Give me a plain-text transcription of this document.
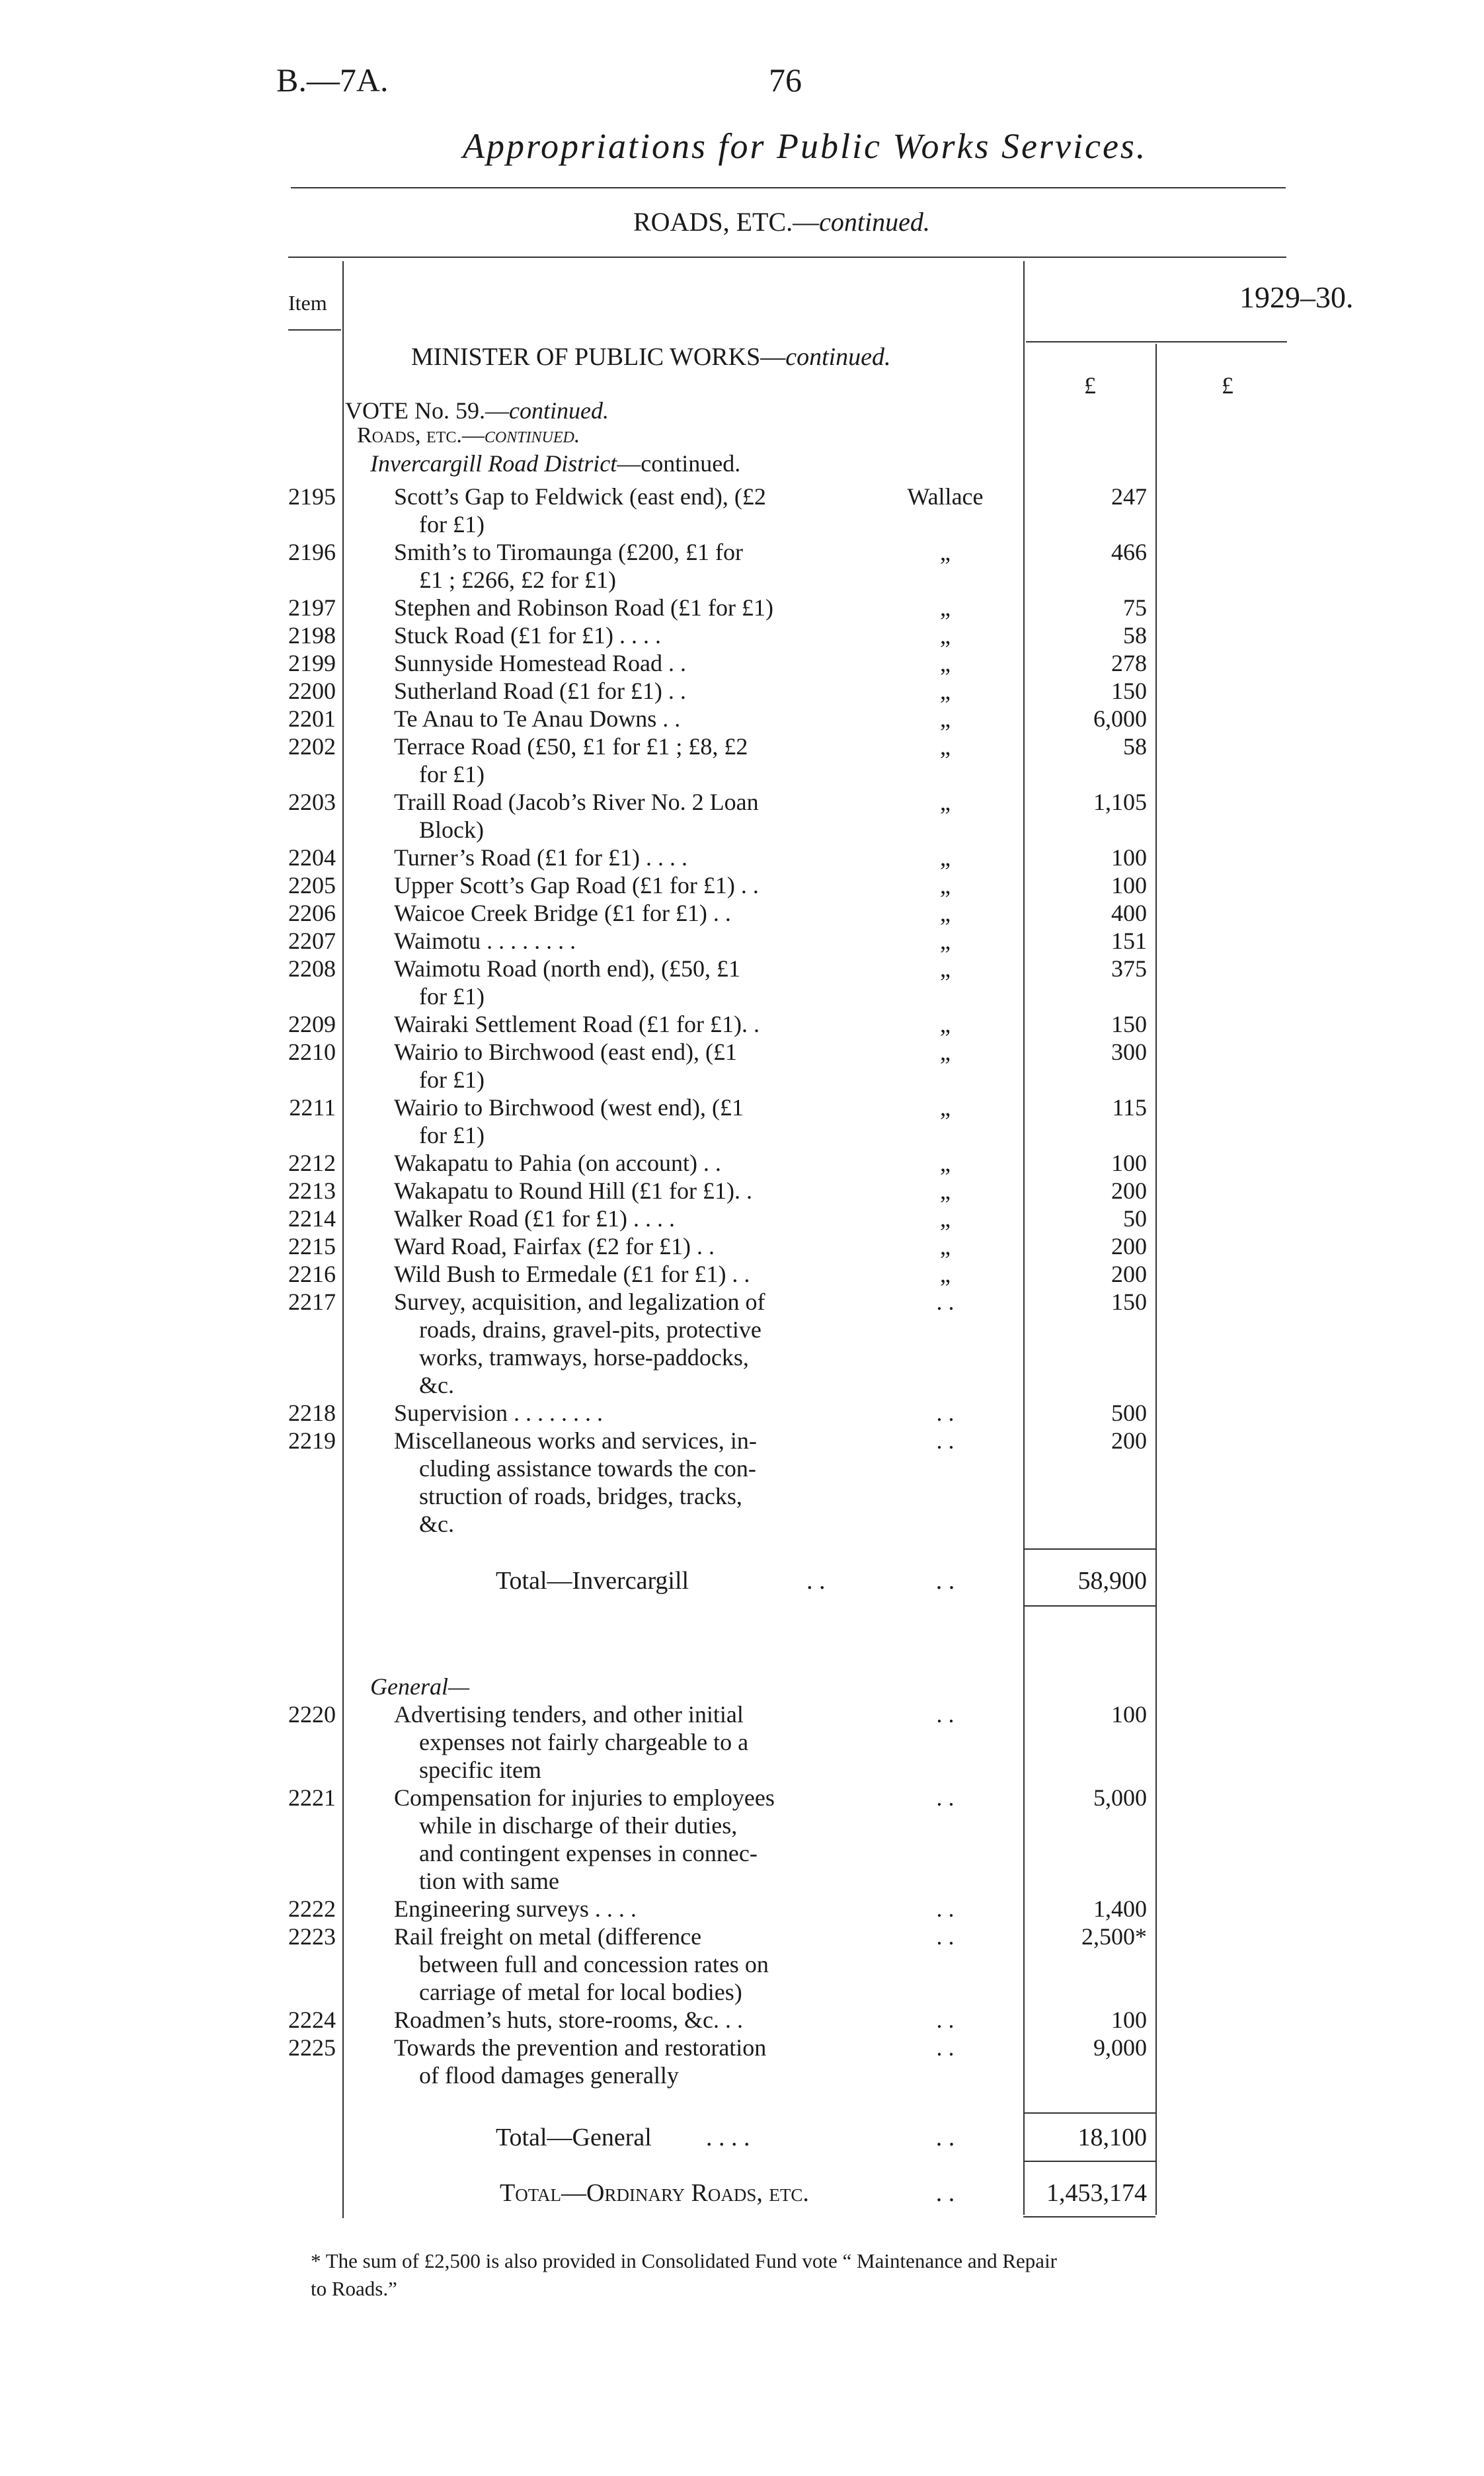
B.—7A.	76
Appropriations for Public Works Services.
ROADS, ETC.—continued.
Item	1929–30.
£	£
MINISTER OF PUBLIC WORKS—continued.
VOTE No. 59.—continued.
Roads, etc.—continued.
Invercargill Road District—continued.
2195 Scott’s Gap to Feldwick (east end), (£2
for £1)
Wallace	247
2196 Smith’s to Tiromaunga (£200, £1 for
£1 ; £266, £2 for £1)
„	466
2197 Stephen and Robinson Road (£1 for £1)	„	75
2198 Stuck Road (£1 for £1) . . . .	„	58
2199 Sunnyside Homestead Road . .	„	278
2200 Sutherland Road (£1 for £1) . .	„	150
2201 Te Anau to Te Anau Downs . .	„	6,000
2202 Terrace Road (£50, £1 for £1 ; £8, £2
for £1)
„	58
2203 Traill Road (Jacob’s River No. 2 Loan
Block)
„	1,105
2204 Turner’s Road (£1 for £1) . . . .	„	100
2205 Upper Scott’s Gap Road (£1 for £1) . .	„	100
2206 Waicoe Creek Bridge (£1 for £1) . .	„	400
2207 Waimotu . . . . . . . .	„	151
2208 Waimotu Road (north end), (£50, £1
for £1)
„	375
2209 Wairaki Settlement Road (£1 for £1). .	„	150
2210 Wairio to Birchwood (east end), (£1
for £1)
„	300
2211 Wairio to Birchwood (west end), (£1
for £1)
„	115
2212 Wakapatu to Pahia (on account) . .	„	100
2213 Wakapatu to Round Hill (£1 for £1). .	„	200
2214 Walker Road (£1 for £1) . . . .	„	50
2215 Ward Road, Fairfax (£2 for £1) . .	„	200
2216 Wild Bush to Ermedale (£1 for £1) . .	„	200
2217 Survey, acquisition, and legalization of
roads, drains, gravel-pits, protective
works, tramways, horse-paddocks,
&c.
. .	150
2218 Supervision . . . . . . . .	. .	500
2219 Miscellaneous works and services, in-
cluding assistance towards the con-
struction of roads, bridges, tracks,
&c.
. .	200
Total—Invercargill	. .	. .	58,900
General—
2220 Advertising tenders, and other initial
expenses not fairly chargeable to a
specific item
. .	100
2221 Compensation for injuries to employees
while in discharge of their duties,
and contingent expenses in connec-
tion with same
. .	5,000
2222 Engineering surveys . . . .	. .	1,400
2223 Rail freight on metal (difference
between full and concession rates on
carriage of metal for local bodies)
. .	2,500*
2224 Roadmen’s huts, store-rooms, &c. . .	. .	100
2225 Towards the prevention and restoration
of flood damages generally
. .	9,000
Total—General . . . .	. .	18,100
Total—Ordinary Roads, etc.	. .	1,453,174
* The sum of £2,500 is also provided in Consolidated Fund vote “ Maintenance and Repair
to Roads.”
